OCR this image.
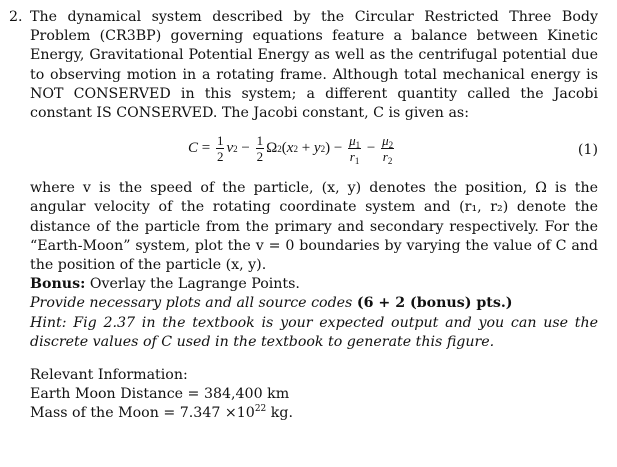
2. The dynamical system described by the Circular Restricted Three Body Problem (CR3BP) governing equations feature a balance between Kinetic Energy, Gravitational Potential Energy as well as the centrifugal potential due to observing motion in a rotating frame. Although total mechanical energy is NOT CONSERVED in this system; a different quantity called the Jacobi constant IS CONSERVED. The Jacobi constant, C is given as:

$C = \frac{1}{2}$ v $2 - \frac{1}{2}$ Ω 2 ( x 2 + y 2 ) − $\frac{\mu_1}{r_1} - \frac{\mu_2}{r_2}$	(1)

where v is the speed of the particle, (x, y) denotes the position, Ω is the angular velocity of the rotating coordinate system and (r₁, r₂) denote the distance of the particle from the primary and secondary respectively. For the “Earth-Moon” system, plot the v = 0 boundaries by varying the value of C and the position of the particle (x, y).

Bonus: Overlay the Lagrange Points.

Provide necessary plots and all source codes (6 + 2 (bonus) pts.)

Hint: Fig 2.37 in the textbook is your expected output and you can use the discrete values of C used in the textbook to generate this figure.

Relevant Information:

Earth Moon Distance = 384,400 km

Mass of the Moon = $7.347 \times 10^{22}$ kg.
